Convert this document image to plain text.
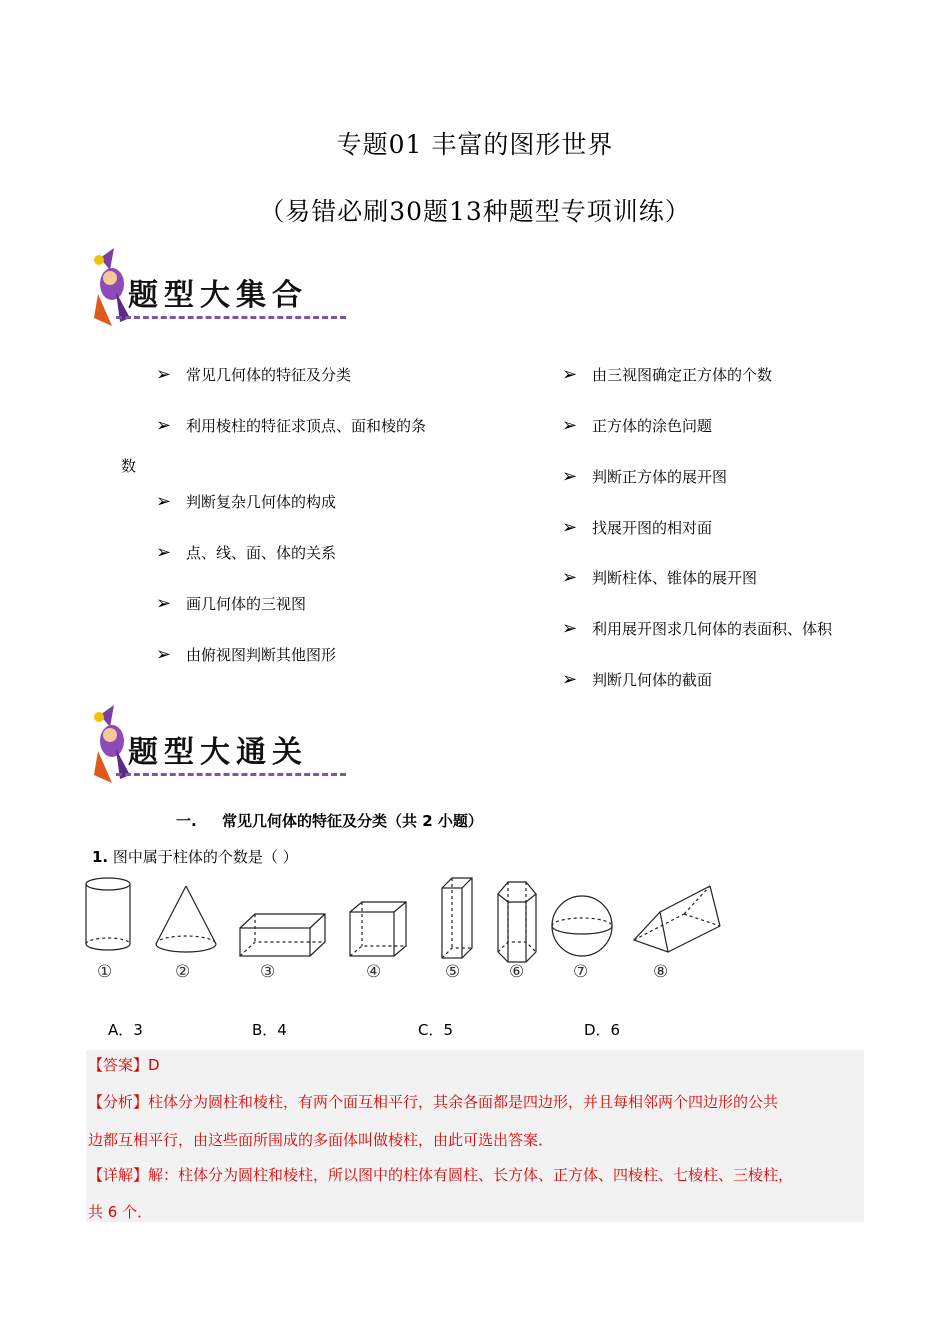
专题01 丰富的图形世界
（易错必刷30题13种题型专项训练）
题型大集合
➢ 常见几何体的特征及分类
➢ 利用棱柱的特征求顶点、面和棱的条
数
➢ 判断复杂几何体的构成
➢ 点、线、面、体的关系
➢ 画几何体的三视图
➢ 由俯视图判断其他图形
➢ 由三视图确定正方体的个数
➢ 正方体的涂色问题
➢ 判断正方体的展开图
➢ 找展开图的相对面
➢ 判断柱体、锥体的展开图
➢ 利用展开图求几何体的表面积、体积
➢ 判断几何体的截面
题型大通关
一. 常见几何体的特征及分类（共 2 小题）
1. 图中属于柱体的个数是（ ）
①	②	③	④	⑤	⑥	⑦	⑧
A．3	B．4	C．5	D．6
【答案】D
【分析】柱体分为圆柱和棱柱，有两个面互相平行，其余各面都是四边形，并且每相邻两个四边形的公共
边都互相平行，由这些面所围成的多面体叫做棱柱，由此可选出答案．
【详解】解：柱体分为圆柱和棱柱，所以图中的柱体有圆柱、长方体、正方体、四棱柱、七棱柱、三棱柱，
共 6 个．
